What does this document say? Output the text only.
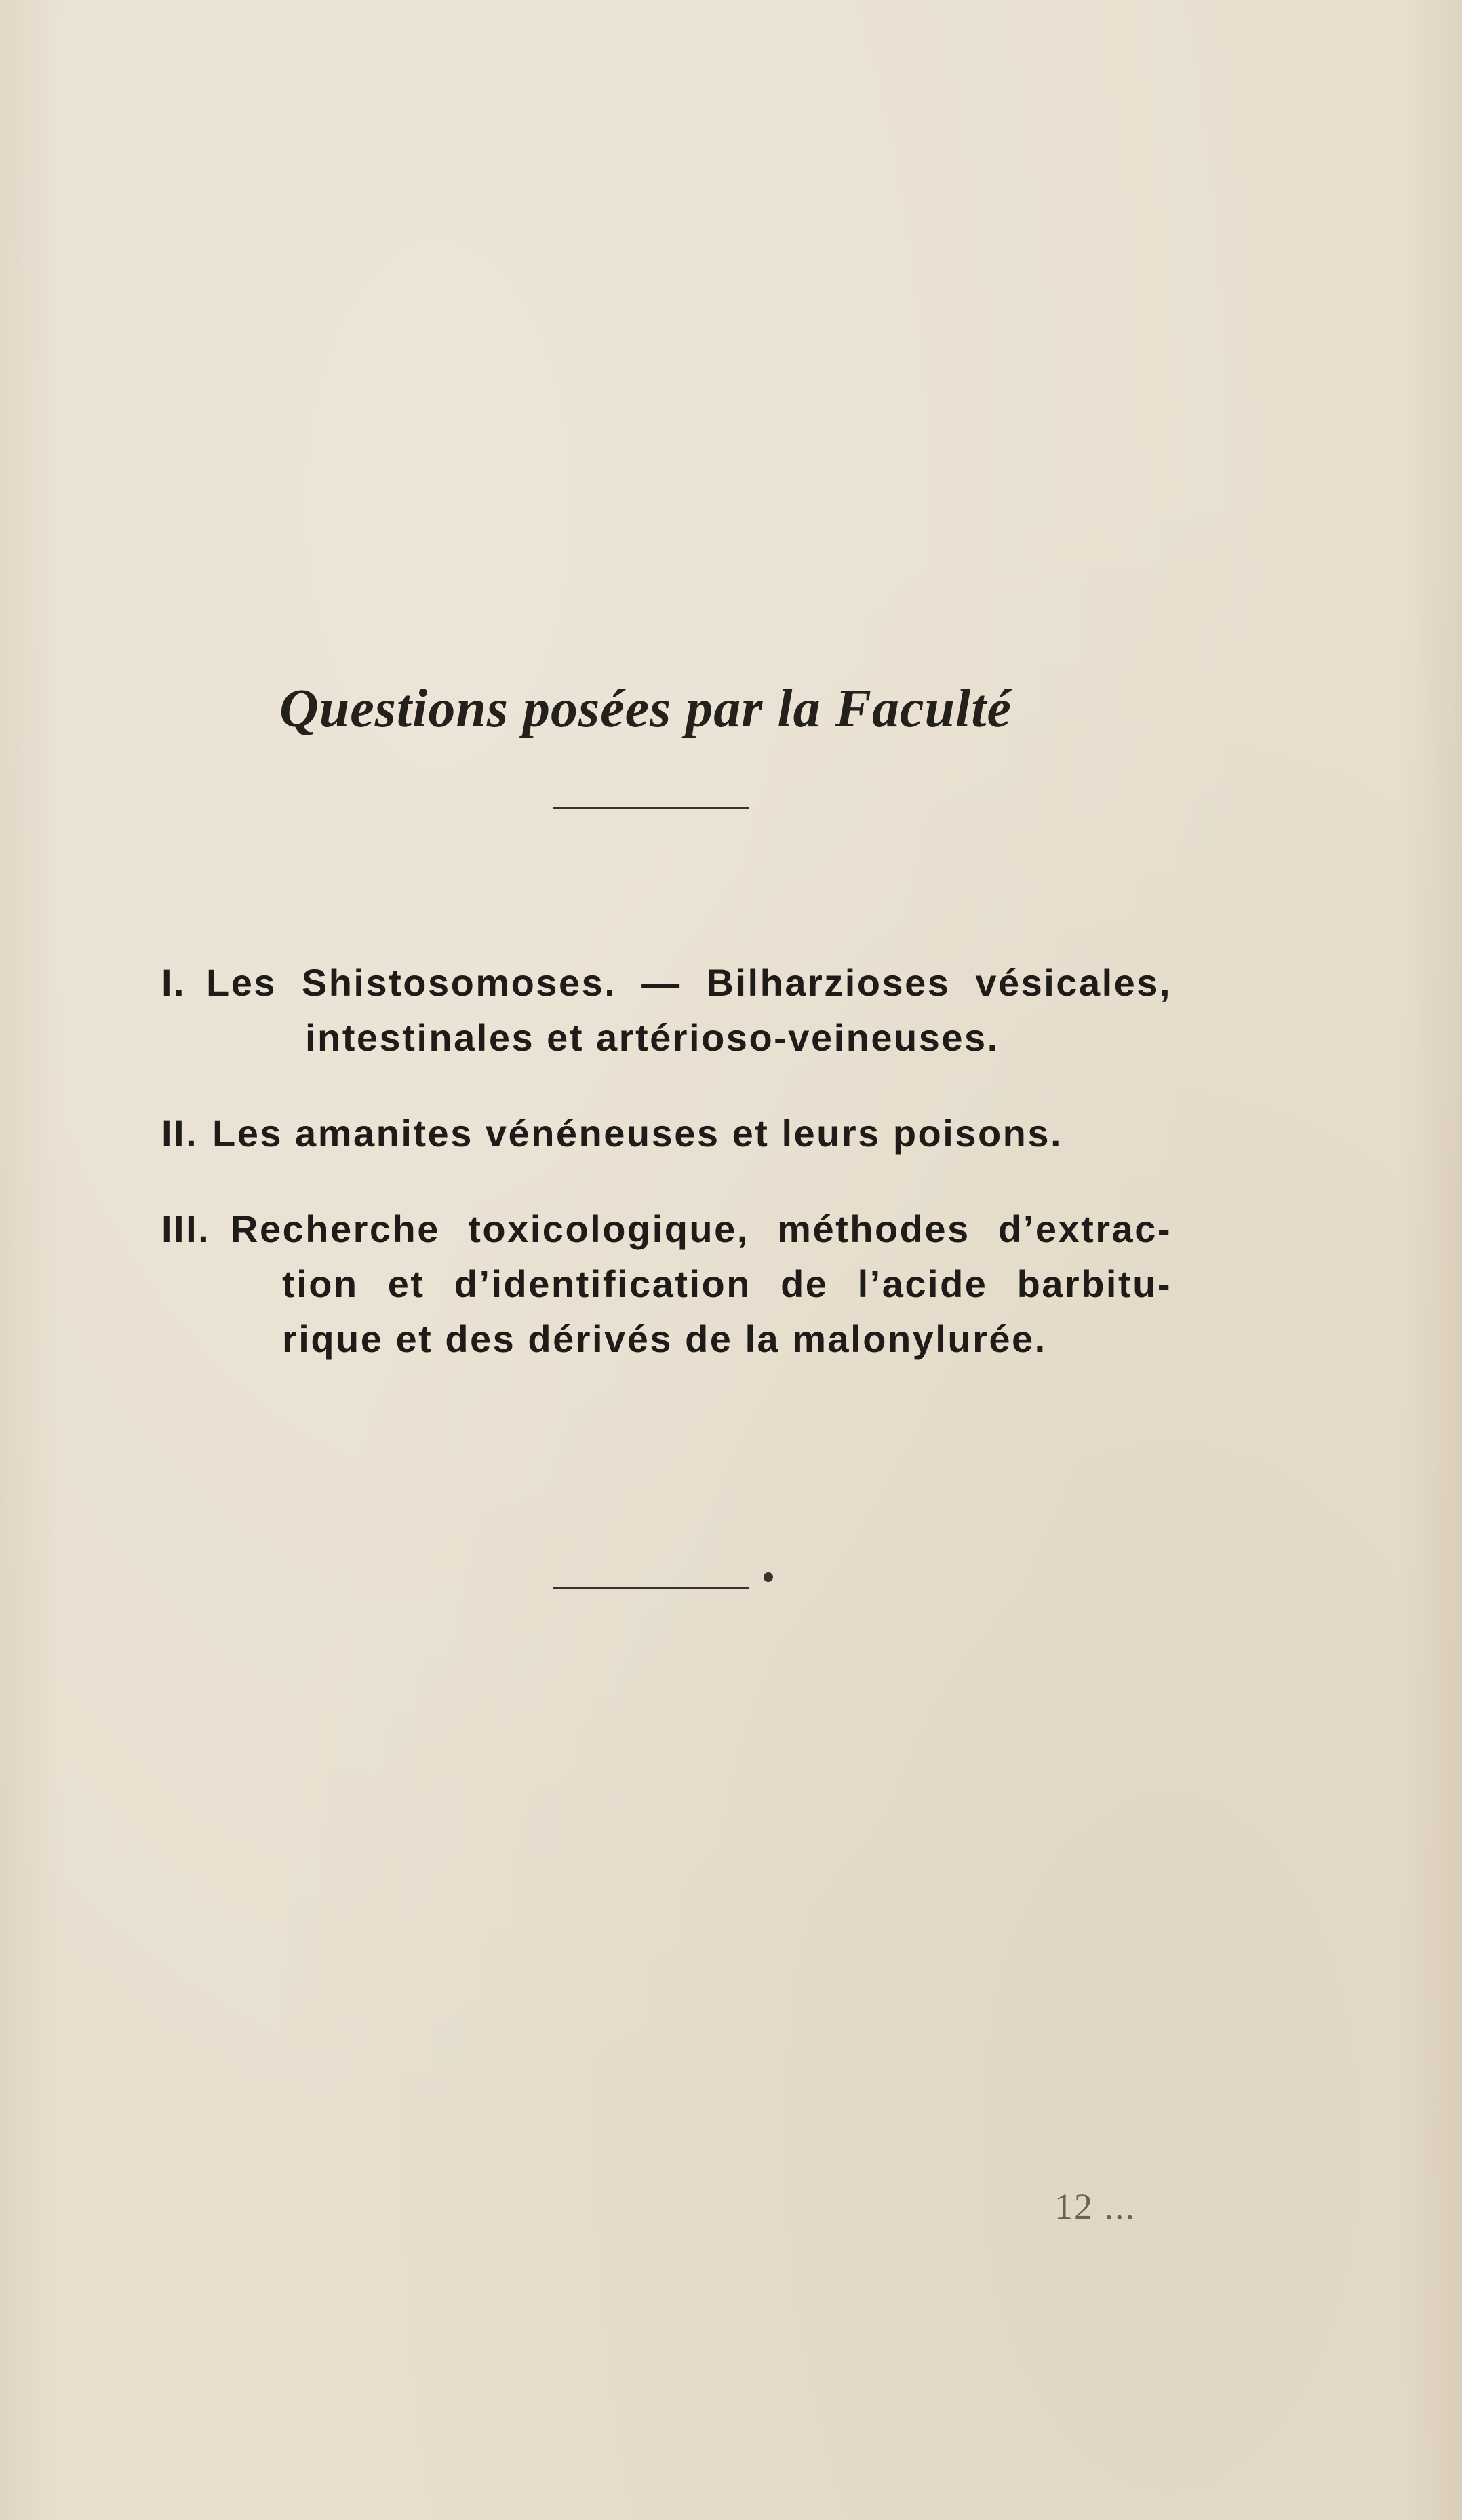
Questions posées par la Faculté
I. Les Shistosomoses. — Bilharzioses vésicales,
intestinales et artérioso-veineuses.
II. Les amanites vénéneuses et leurs poisons.
III. Recherche toxicologique, méthodes d’extrac-
tion et d’identification de l’acide barbitu-
rique et des dérivés de la malonylurée.
12 ...
